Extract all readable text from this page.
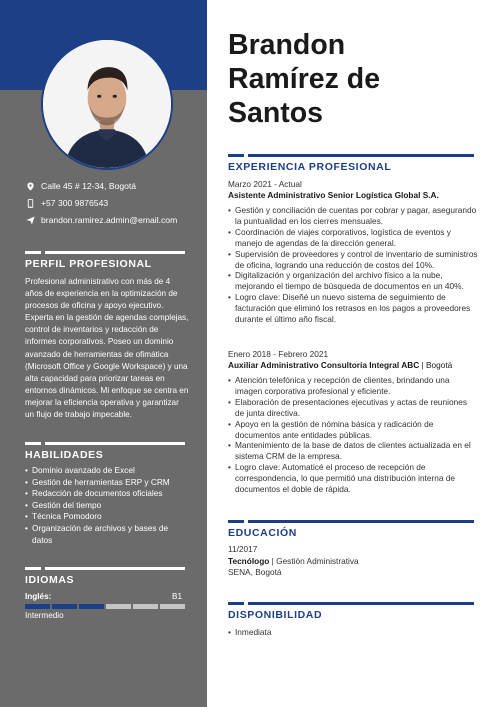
Calle 45 # 12-34, Bogotá
+57 300 9876543
brandon.ramirez.admin@email.com
PERFIL PROFESIONAL
Profesional administrativo con más de 4 años de experiencia en la optimización de procesos de oficina y apoyo ejecutivo. Experta en la gestión de agendas complejas, control de inventarios y redacción de informes corporativos. Poseo un dominio avanzado de herramientas de ofimática (Microsoft Office y Google Workspace) y una alta capacidad para priorizar tareas en entornos dinámicos. Mi enfoque se centra en mejorar la eficiencia operativa y garantizar un flujo de trabajo impecable.
HABILIDADES
• Dominio avanzado de Excel
• Gestión de herramientas ERP y CRM
• Redacción de documentos oficiales
• Gestión del tiempo
• Técnica Pomodoro
• Organización de archivos y bases de datos
IDIOMAS
Inglés:	B1
Intermedio
Brandon
Ramírez de
Santos
EXPERIENCIA PROFESIONAL
Marzo 2021 - Actual
Asistente Administrativo Senior Logística Global S.A.
• Gestión y conciliación de cuentas por cobrar y pagar, asegurando la puntualidad en los cierres mensuales.
• Coordinación de viajes corporativos, logística de eventos y manejo de agendas de la dirección general.
• Supervisión de proveedores y control de inventario de suministros de oficina, logrando una reducción de costos del 10%.
• Digitalización y organización del archivo físico a la nube, mejorando el tiempo de búsqueda de documentos en un 40%.
• Logro clave: Diseñé un nuevo sistema de seguimiento de facturación que eliminó los retrasos en los pagos a proveedores durante el último año fiscal.
Enero 2018 - Febrero 2021
Auxiliar Administrativo Consultoría Integral ABC | Bogotá
• Atención telefónica y recepción de clientes, brindando una imagen corporativa profesional y eficiente.
• Elaboración de presentaciones ejecutivas y actas de reuniones de junta directiva.
• Apoyo en la gestión de nómina básica y radicación de documentos ante entidades públicas.
• Mantenimiento de la base de datos de clientes actualizada en el sistema CRM de la empresa.
• Logro clave: Automaticé el proceso de recepción de correspondencia, lo que permitió una distribución interna de documentos el doble de rápida.
EDUCACIÓN
11/2017
Tecnólogo | Gestión Administrativa
SENA, Bogotá
DISPONIBILIDAD
• Inmediata
